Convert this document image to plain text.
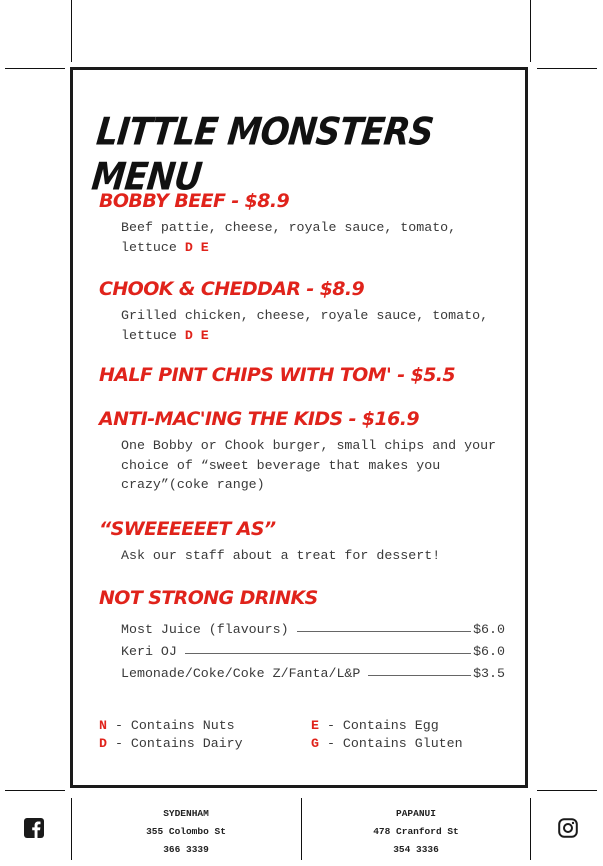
LITTLE MONSTERS MENU
BOBBY BEEF - $8.9
Beef pattie, cheese, royale sauce, tomato, lettuce D E
CHOOK & CHEDDAR - $8.9
Grilled chicken, cheese, royale sauce, tomato, lettuce D E
HALF PINT CHIPS WITH TOM' - $5.5
ANTI-MAC'ING THE KIDS - $16.9
One Bobby or Chook burger, small chips and your choice of “sweet beverage that makes you crazy”(coke range)
“SWEEEEEET AS”
Ask our staff about a treat for dessert!
NOT STRONG DRINKS
Most Juice (flavours)	$6.0
Keri OJ	$6.0
Lemonade/Coke/Coke Z/Fanta/L&P	$3.5
N - Contains Nuts	E - Contains Egg
D - Contains Dairy	G - Contains Gluten
SYDENHAM
355 Colombo St
366 3339
PAPANUI
478 Cranford St
354 3336
